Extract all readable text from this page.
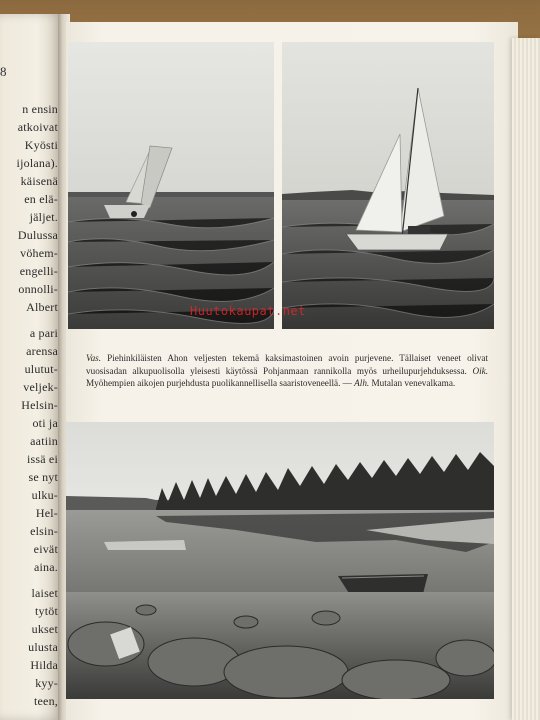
8
n ensin
atkoivat
Kyösti
ijolana).
käisenä
en elä-
jäljet.
Dulussa
vöhem-
engelli-
onnolli-
Albert
a pari
arensa
ulutut-
veljek-
Helsin-
oti ja
aatiin
issä ei
se nyt
ulku-
Hel-
elsin-
eivät
aina.
laiset
tytöt
ukset
ulusta
Hilda
kyy-
teen,
Huutokaupat.net
Vas. Piehinkiläisten Ahon veljesten tekemä kaksimastoinen avoin purjevene. Tällaiset veneet olivat vuosisadan alkupuolisolla yleisesti käytössä Pohjanmaan rannikolla myös urheilupurjehduksessa. Oik. Myöhempien aikojen purjehdusta puolikannellisella saaristoveneellä. — Alh. Mutalan venevalkama.
